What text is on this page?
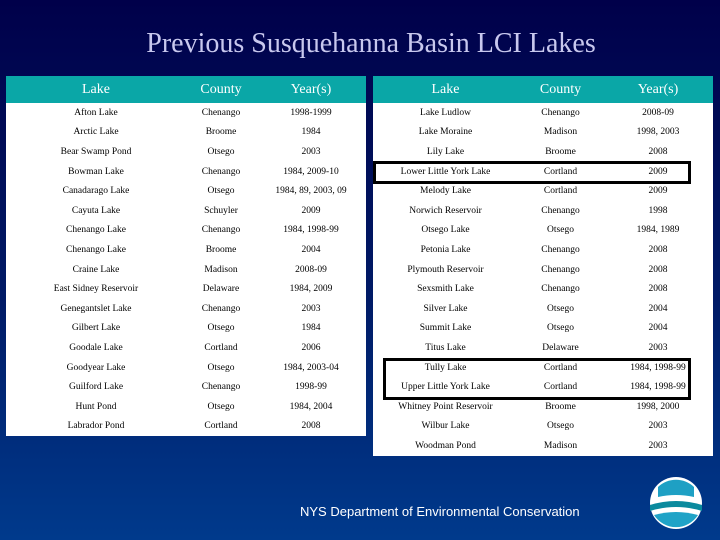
Previous Susquehanna Basin LCI Lakes
Lake	County	Year(s)
Afton Lake	Chenango	1998-1999
Arctic Lake	Broome	1984
Bear Swamp Pond	Otsego	2003
Bowman Lake	Chenango	1984, 2009-10
Canadarago Lake	Otsego	1984, 89, 2003, 09
Cayuta Lake	Schuyler	2009
Chenango Lake	Chenango	1984, 1998-99
Chenango Lake	Broome	2004
Craine Lake	Madison	2008-09
East Sidney Reservoir	Delaware	1984, 2009
Genegantslet Lake	Chenango	2003
Gilbert Lake	Otsego	1984
Goodale Lake	Cortland	2006
Goodyear Lake	Otsego	1984, 2003-04
Guilford Lake	Chenango	1998-99
Hunt Pond	Otsego	1984, 2004
Labrador Pond	Cortland	2008
Lake	County	Year(s)
Lake Ludlow	Chenango	2008-09
Lake Moraine	Madison	1998, 2003
Lily Lake	Broome	2008
Lower Little York Lake	Cortland	2009
Melody Lake	Cortland	2009
Norwich Reservoir	Chenango	1998
Otsego Lake	Otsego	1984, 1989
Petonia Lake	Chenango	2008
Plymouth Reservoir	Chenango	2008
Sexsmith Lake	Chenango	2008
Silver Lake	Otsego	2004
Summit Lake	Otsego	2004
Titus Lake	Delaware	2003
Tully Lake	Cortland	1984, 1998-99
Upper Little York Lake	Cortland	1984, 1998-99
Whitney Point Reservoir	Broome	1998, 2000
Wilbur Lake	Otsego	2003
Woodman Pond	Madison	2003
NYS Department of Environmental Conservation
